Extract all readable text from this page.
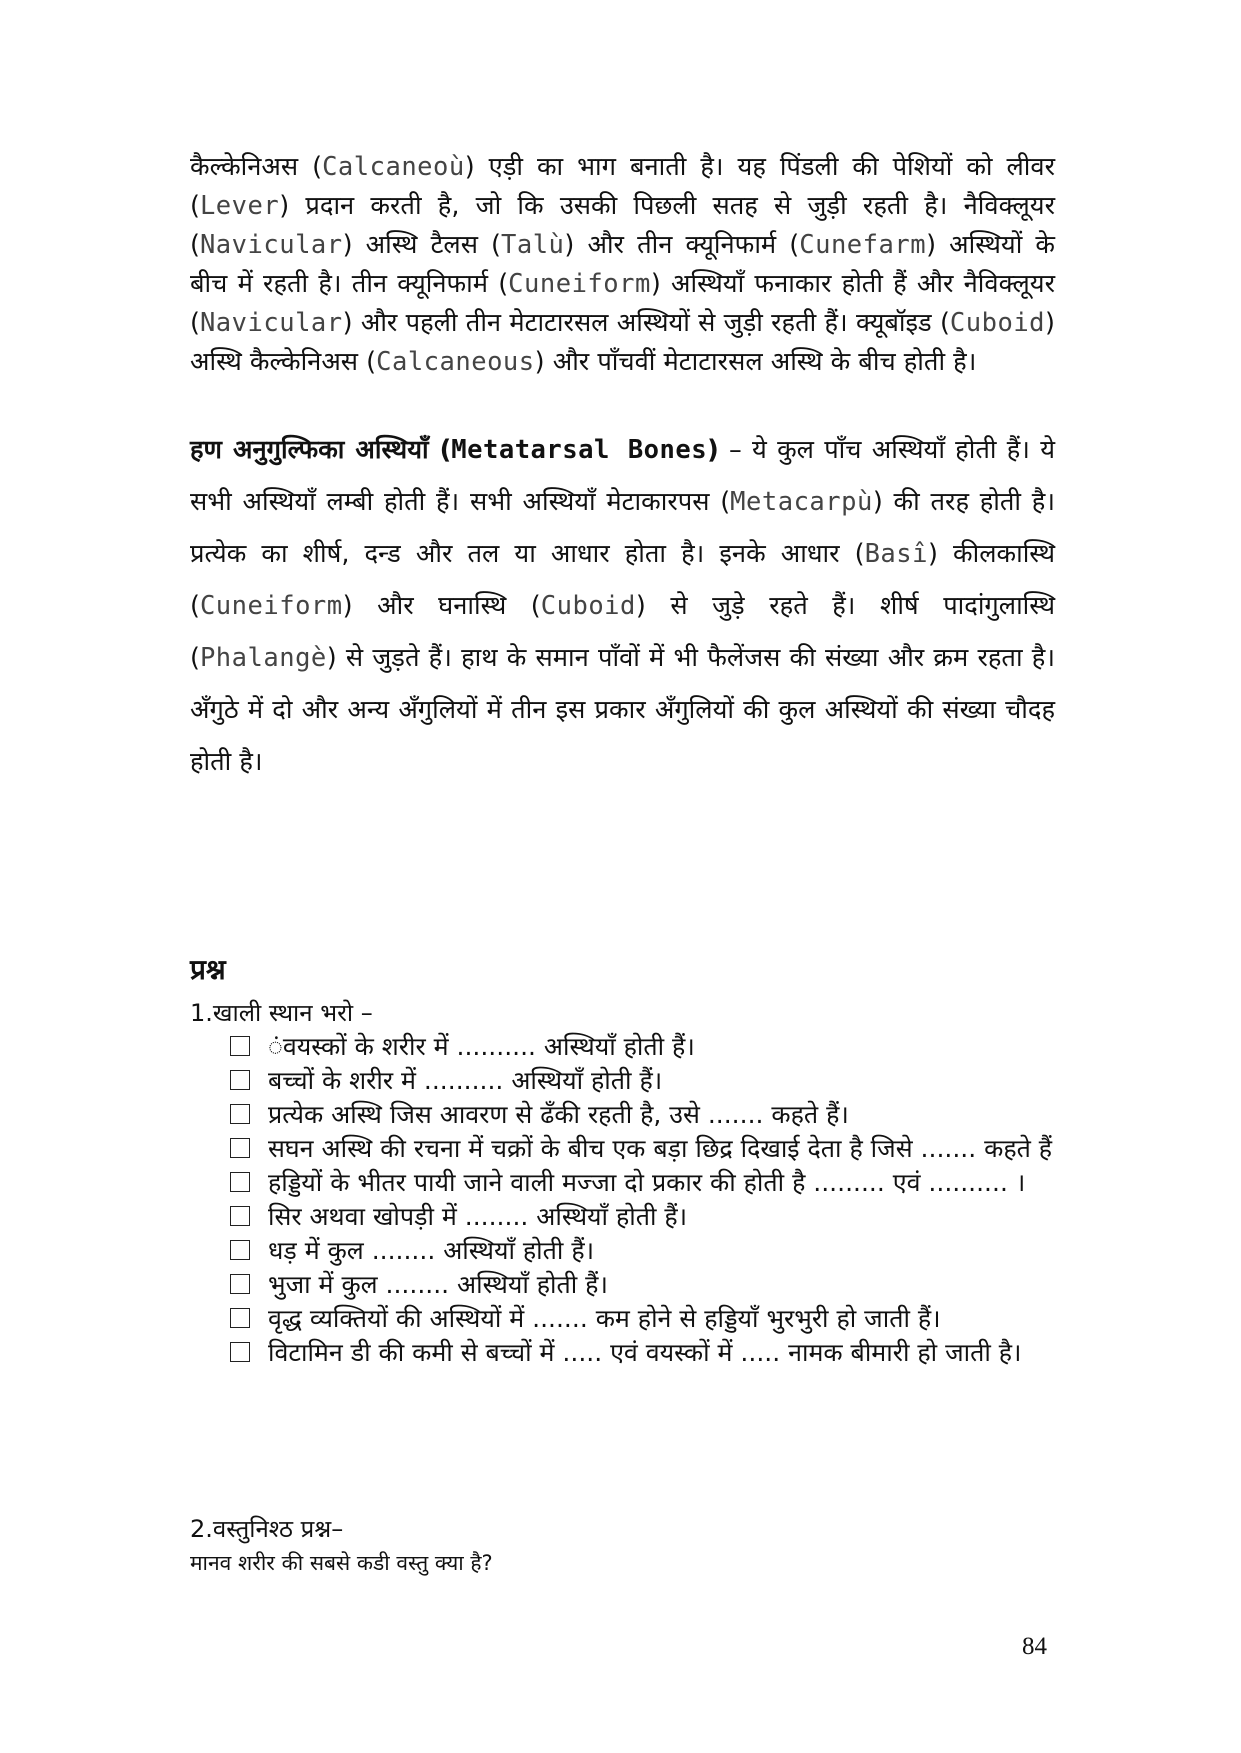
कैल्केनिअस (Calcaneoù) एड़ी का भाग बनाती है। यह पिंडली की पेशियों को लीवर (Lever) प्रदान करती है, जो कि उसकी पिछली सतह से जुड़ी रहती है। नैविक्लूयर (Navicular) अस्थि टैलस (Talù) और तीन क्यूनिफार्म (Cunefarm) अस्थियों के बीच में रहती है। तीन क्यूनिफार्म (Cuneiform) अस्थियाँ फनाकार होती हैं और नैविक्लूयर (Navicular) और पहली तीन मेटाटारसल अस्थियों से जुड़ी रहती हैं। क्यूबॉइड (Cuboid) अस्थि कैल्केनिअस (Calcaneous) और पाँचवीं मेटाटारसल अस्थि के बीच होती है।

हण अनुगुल्फिका अस्थियाँ (Metatarsal Bones) – ये कुल पाँच अस्थियाँ होती हैं। ये सभी अस्थियाँ लम्बी होती हैं। सभी अस्थियाँ मेटाकारपस (Metacarpù) की तरह होती है। प्रत्येक का शीर्ष, दन्ड और तल या आधार होता है। इनके आधार (Basî) कीलकास्थि (Cuneiform) और घनास्थि (Cuboid) से जुड़े रहते हैं। शीर्ष पादांगुलास्थि (Phalangè) से जुड़ते हैं। हाथ के समान पाँवों में भी फैलेंजस की संख्या और क्रम रहता है। अँगुठे में दो और अन्य अँगुलियों में तीन इस प्रकार अँगुलियों की कुल अस्थियों की संख्या चौदह होती है।

प्रश्न
1.खाली स्थान भरो –
ंवयस्कों के शरीर में .......... अस्थियाँ होती हैं।
बच्चों के शरीर में .......... अस्थियाँ होती हैं।
प्रत्येक अस्थि जिस आवरण से ढँकी रहती है, उसे ....... कहते हैं।
सघन अस्थि की रचना में चक्रों के बीच एक बड़ा छिद्र दिखाई देता है जिसे ....... कहते हैं
हड्डियों के भीतर पायी जाने वाली मज्जा दो प्रकार की होती है ......... एवं .......... ।
सिर अथवा खोपड़ी में ........ अस्थियाँ होती हैं।
धड़ में कुल ........ अस्थियाँ होती हैं।
भुजा में कुल ........ अस्थियाँ होती हैं।
वृद्ध व्यक्तियों की अस्थियों में ....... कम होने से हड्डियाँ भुरभुरी हो जाती हैं।
विटामिन डी की कमी से बच्चों में ..... एवं वयस्कों में ..... नामक बीमारी हो जाती है।
2.वस्तुनिश्ठ प्रश्न–
मानव शरीर की सबसे कडी वस्तु क्या है?
84
